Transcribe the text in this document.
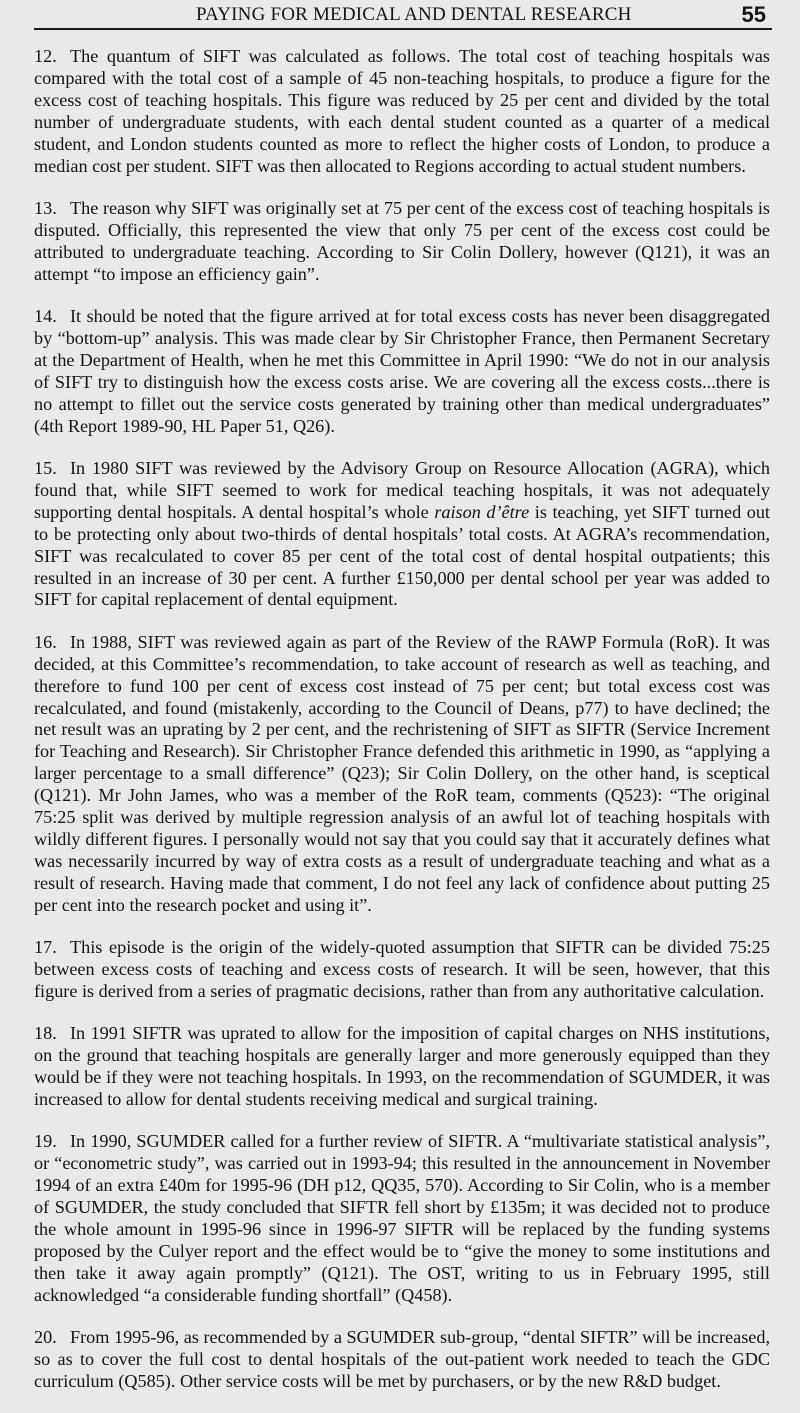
PAYING FOR MEDICAL AND DENTAL RESEARCH	55

12. The quantum of SIFT was calculated as follows. The total cost of teaching hospitals was compared with the total cost of a sample of 45 non-teaching hospitals, to produce a figure for the excess cost of teaching hospitals. This figure was reduced by 25 per cent and divided by the total number of undergraduate students, with each dental student counted as a quarter of a medical student, and London students counted as more to reflect the higher costs of London, to produce a median cost per student. SIFT was then allocated to Regions according to actual student numbers.

13. The reason why SIFT was originally set at 75 per cent of the excess cost of teaching hospitals is disputed. Officially, this represented the view that only 75 per cent of the excess cost could be attributed to undergraduate teaching. According to Sir Colin Dollery, however (Q121), it was an attempt “to impose an efficiency gain”.

14. It should be noted that the figure arrived at for total excess costs has never been disaggregated by “bottom-up” analysis. This was made clear by Sir Christopher France, then Permanent Secretary at the Department of Health, when he met this Committee in April 1990: “We do not in our analysis of SIFT try to distinguish how the excess costs arise. We are covering all the excess costs...there is no attempt to fillet out the service costs generated by training other than medical undergraduates” (4th Report 1989-90, HL Paper 51, Q26).

15. In 1980 SIFT was reviewed by the Advisory Group on Resource Allocation (AGRA), which found that, while SIFT seemed to work for medical teaching hospitals, it was not adequately supporting dental hospitals. A dental hospital’s whole raison d’être is teaching, yet SIFT turned out to be protecting only about two-thirds of dental hospitals’ total costs. At AGRA’s recommendation, SIFT was recalculated to cover 85 per cent of the total cost of dental hospital outpatients; this resulted in an increase of 30 per cent. A further £150,000 per dental school per year was added to SIFT for capital replacement of dental equipment.

16. In 1988, SIFT was reviewed again as part of the Review of the RAWP Formula (RoR). It was decided, at this Committee’s recommendation, to take account of research as well as teaching, and therefore to fund 100 per cent of excess cost instead of 75 per cent; but total excess cost was recalculated, and found (mistakenly, according to the Council of Deans, p77) to have declined; the net result was an uprating by 2 per cent, and the rechristening of SIFT as SIFTR (Service Increment for Teaching and Research). Sir Christopher France defended this arithmetic in 1990, as “applying a larger percentage to a small difference” (Q23); Sir Colin Dollery, on the other hand, is sceptical (Q121). Mr John James, who was a member of the RoR team, comments (Q523): “The original 75:25 split was derived by multiple regression analysis of an awful lot of teaching hospitals with wildly different figures. I personally would not say that you could say that it accurately defines what was necessarily incurred by way of extra costs as a result of undergraduate teaching and what as a result of research. Having made that comment, I do not feel any lack of confidence about putting 25 per cent into the research pocket and using it”.

17. This episode is the origin of the widely-quoted assumption that SIFTR can be divided 75:25 between excess costs of teaching and excess costs of research. It will be seen, however, that this figure is derived from a series of pragmatic decisions, rather than from any authoritative calculation.

18. In 1991 SIFTR was uprated to allow for the imposition of capital charges on NHS institutions, on the ground that teaching hospitals are generally larger and more generously equipped than they would be if they were not teaching hospitals. In 1993, on the recommendation of SGUMDER, it was increased to allow for dental students receiving medical and surgical training.

19. In 1990, SGUMDER called for a further review of SIFTR. A “multivariate statistical analysis”, or “econometric study”, was carried out in 1993-94; this resulted in the announcement in November 1994 of an extra £40m for 1995-96 (DH p12, QQ35, 570). According to Sir Colin, who is a member of SGUMDER, the study concluded that SIFTR fell short by £135m; it was decided not to produce the whole amount in 1995-96 since in 1996-97 SIFTR will be replaced by the funding systems proposed by the Culyer report and the effect would be to “give the money to some institutions and then take it away again promptly” (Q121). The OST, writing to us in February 1995, still acknowledged “a considerable funding shortfall” (Q458).

20. From 1995-96, as recommended by a SGUMDER sub-group, “dental SIFTR” will be increased, so as to cover the full cost to dental hospitals of the out-patient work needed to teach the GDC curriculum (Q585). Other service costs will be met by purchasers, or by the new R&D budget.
